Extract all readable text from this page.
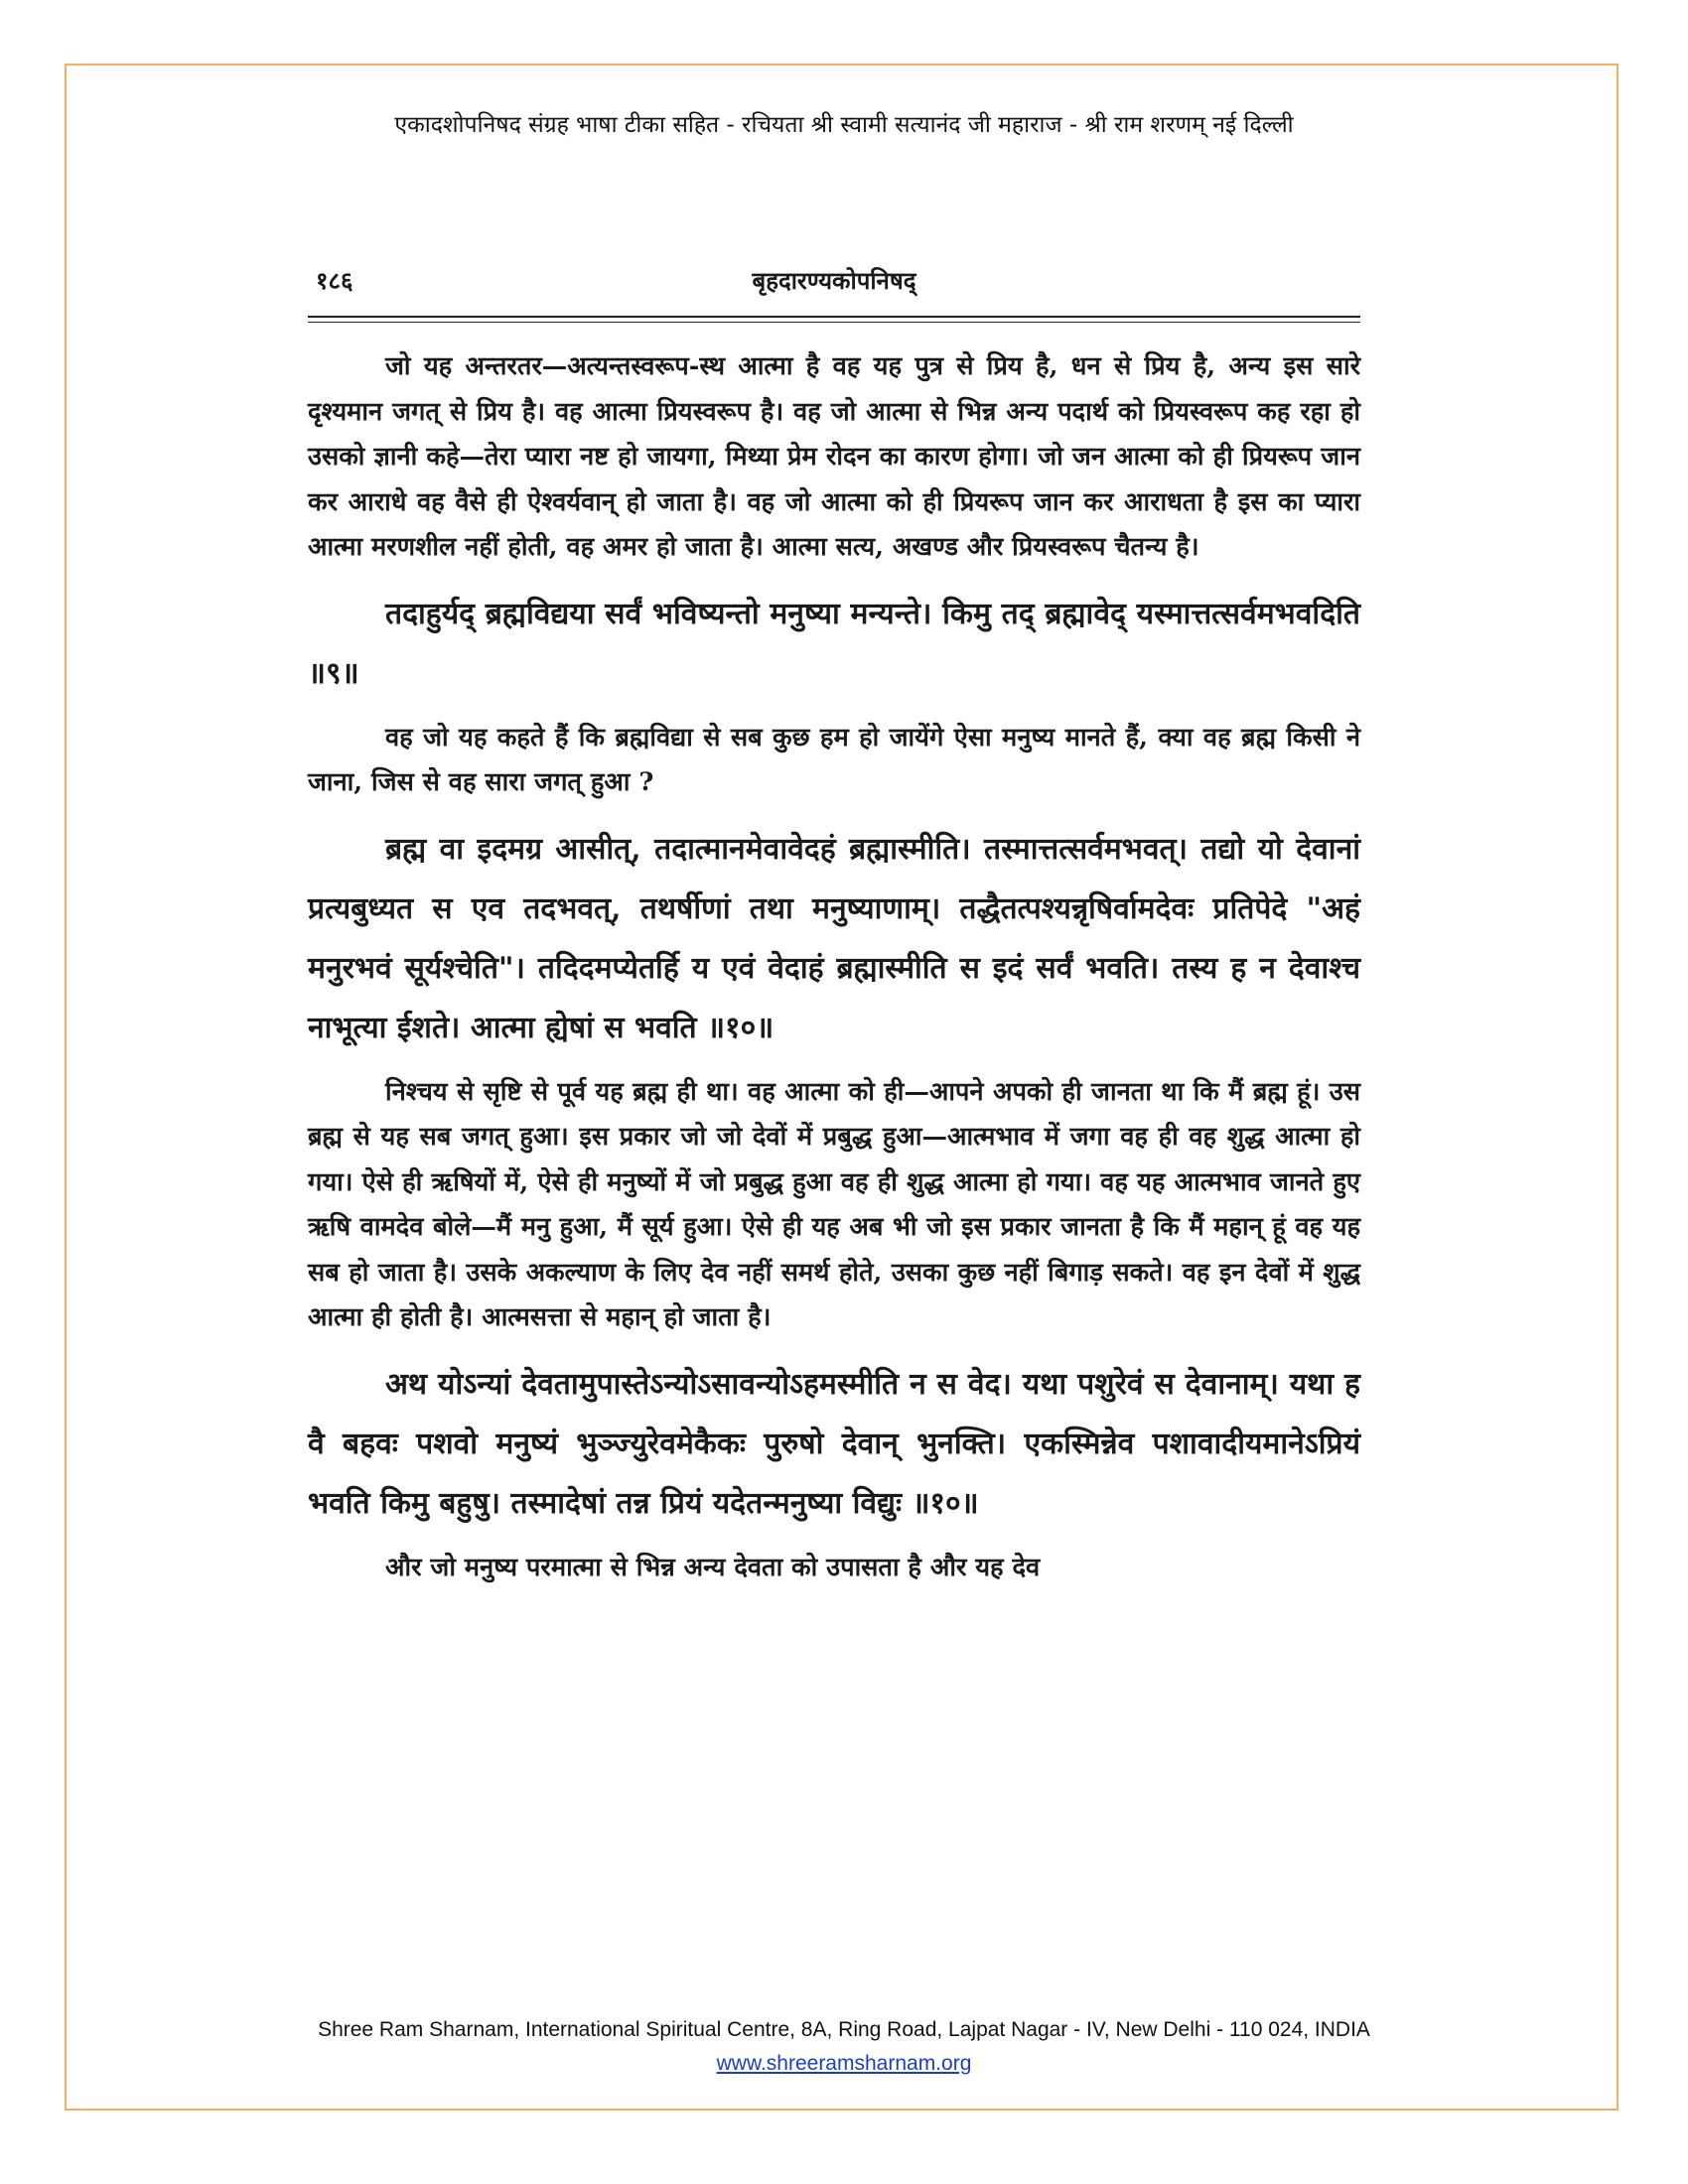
एकादशोपनिषद संग्रह भाषा टीका सहित - रचियता श्री स्वामी सत्यानंद जी महाराज - श्री राम शरणम् नई दिल्ली
१८६	बृहदारण्यकोपनिषद्

जो यह अन्तरतर—अत्यन्तस्वरूप-स्थ आत्मा है वह यह पुत्र से प्रिय है, धन से प्रिय है, अन्य इस सारे दृश्यमान जगत् से प्रिय है। वह आत्मा प्रियस्वरूप है। वह जो आत्मा से भिन्न अन्य पदार्थ को प्रियस्वरूप कह रहा हो उसको ज्ञानी कहे—तेरा प्यारा नष्ट हो जायगा, मिथ्या प्रेम रोदन का कारण होगा। जो जन आत्मा को ही प्रियरूप जान कर आराधे वह वैसे ही ऐश्वर्यवान् हो जाता है। वह जो आत्मा को ही प्रियरूप जान कर आराधता है इस का प्यारा आत्मा मरणशील नहीं होती, वह अमर हो जाता है। आत्मा सत्य, अखण्ड और प्रियस्वरूप चैतन्य है।

तदाहुर्यद् ब्रह्मविद्यया सर्वं भविष्यन्तो मनुष्या मन्यन्ते। किमु तद् ब्रह्मावेद् यस्मात्तत्सर्वमभवदिति ॥९॥

वह जो यह कहते हैं कि ब्रह्मविद्या से सब कुछ हम हो जायेंगे ऐसा मनुष्य मानते हैं, क्या वह ब्रह्म किसी ने जाना, जिस से वह सारा जगत् हुआ ?

ब्रह्म वा इदमग्र आसीत्, तदात्मानमेवावेदहं ब्रह्मास्मीति। तस्मात्तत्सर्वमभवत्। तद्यो यो देवानां प्रत्यबुध्यत स एव तदभवत्, तथर्षीणां तथा मनुष्याणाम्। तद्धैतत्पश्यन्नृषिर्वामदेवः प्रतिपेदे "अहं मनुरभवं सूर्यश्चेति"। तदिदमप्येतर्हि य एवं वेदाहं ब्रह्मास्मीति स इदं सर्वं भवति। तस्य ह न देवाश्च नाभूत्या ईशते। आत्मा ह्येषां स भवति ॥१०॥

निश्चय से सृष्टि से पूर्व यह ब्रह्म ही था। वह आत्मा को ही—आपने अपको ही जानता था कि मैं ब्रह्म हूं। उस ब्रह्म से यह सब जगत् हुआ। इस प्रकार जो जो देवों में प्रबुद्ध हुआ—आत्मभाव में जगा वह ही वह शुद्ध आत्मा हो गया। ऐसे ही ऋषियों में, ऐसे ही मनुष्यों में जो प्रबुद्ध हुआ वह ही शुद्ध आत्मा हो गया। वह यह आत्मभाव जानते हुए ऋषि वामदेव बोले—मैं मनु हुआ, मैं सूर्य हुआ। ऐसे ही यह अब भी जो इस प्रकार जानता है कि मैं महान् हूं वह यह सब हो जाता है। उसके अकल्याण के लिए देव नहीं समर्थ होते, उसका कुछ नहीं बिगाड़ सकते। वह इन देवों में शुद्ध आत्मा ही होती है। आत्मसत्ता से महान् हो जाता है।

अथ योऽन्यां देवतामुपास्तेऽन्योऽसावन्योऽहमस्मीति न स वेद। यथा पशुरेवं स देवानाम्। यथा ह वै बहवः पशवो मनुष्यं भुञ्ज्युरेवमेकैकः पुरुषो देवान् भुनक्ति। एकस्मिन्नेव पशावादीयमानेऽप्रियं भवति किमु बहुषु। तस्मादेषां तन्न प्रियं यदेतन्मनुष्या विद्युः ॥१०॥

और जो मनुष्य परमात्मा से भिन्न अन्य देवता को उपासता है और यह देव

Shree Ram Sharnam, International Spiritual Centre, 8A, Ring Road, Lajpat Nagar - IV, New Delhi - 110 024, INDIA
www.shreeramsharnam.org
